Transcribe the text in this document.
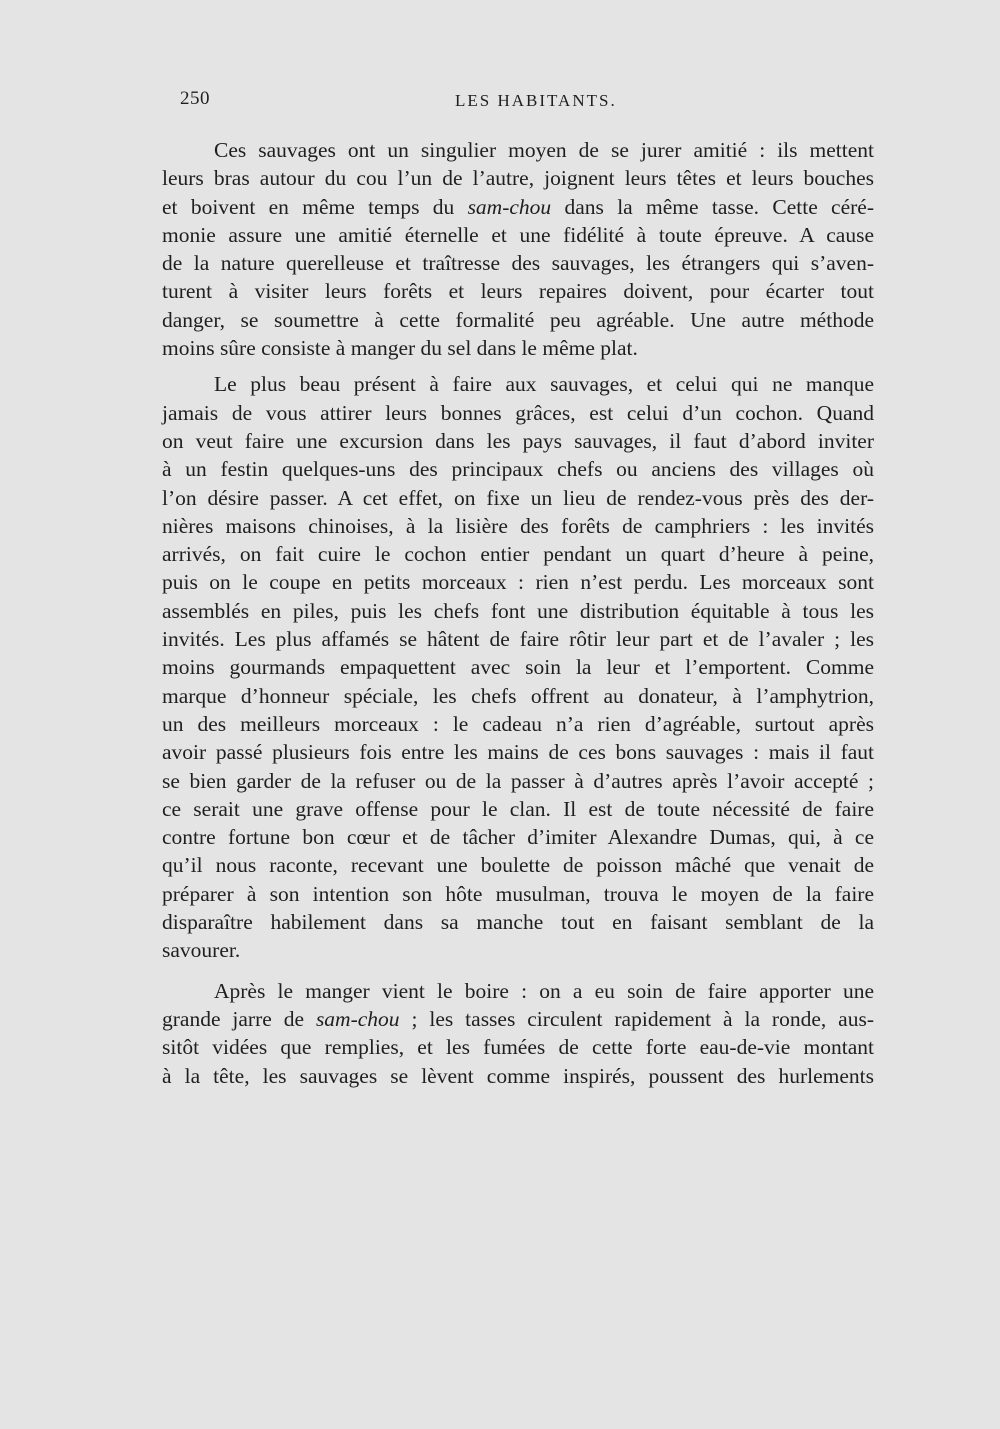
250	LES HABITANTS.
Ces sauvages ont un singulier moyen de se jurer amitié : ils mettent
leurs bras autour du cou l’un de l’autre, joignent leurs têtes et leurs bouches
et boivent en même temps du sam-chou dans la même tasse. Cette céré-
monie assure une amitié éternelle et une fidélité à toute épreuve. A cause
de la nature querelleuse et traîtresse des sauvages, les étrangers qui s’aven-
turent à visiter leurs forêts et leurs repaires doivent, pour écarter tout
danger, se soumettre à cette formalité peu agréable. Une autre méthode
moins sûre consiste à manger du sel dans le même plat.
Le plus beau présent à faire aux sauvages, et celui qui ne manque
jamais de vous attirer leurs bonnes grâces, est celui d’un cochon. Quand
on veut faire une excursion dans les pays sauvages, il faut d’abord inviter
à un festin quelques-uns des principaux chefs ou anciens des villages où
l’on désire passer. A cet effet, on fixe un lieu de rendez-vous près des der-
nières maisons chinoises, à la lisière des forêts de camphriers : les invités
arrivés, on fait cuire le cochon entier pendant un quart d’heure à peine,
puis on le coupe en petits morceaux : rien n’est perdu. Les morceaux sont
assemblés en piles, puis les chefs font une distribution équitable à tous les
invités. Les plus affamés se hâtent de faire rôtir leur part et de l’avaler ; les
moins gourmands empaquettent avec soin la leur et l’emportent. Comme
marque d’honneur spéciale, les chefs offrent au donateur, à l’amphytrion,
un des meilleurs morceaux : le cadeau n’a rien d’agréable, surtout après
avoir passé plusieurs fois entre les mains de ces bons sauvages : mais il faut
se bien garder de la refuser ou de la passer à d’autres après l’avoir accepté ;
ce serait une grave offense pour le clan. Il est de toute nécessité de faire
contre fortune bon cœur et de tâcher d’imiter Alexandre Dumas, qui, à ce
qu’il nous raconte, recevant une boulette de poisson mâché que venait de
préparer à son intention son hôte musulman, trouva le moyen de la faire
disparaître habilement dans sa manche tout en faisant semblant de la
savourer.
Après le manger vient le boire : on a eu soin de faire apporter une
grande jarre de sam-chou ; les tasses circulent rapidement à la ronde, aus-
sitôt vidées que remplies, et les fumées de cette forte eau-de-vie montant
à la tête, les sauvages se lèvent comme inspirés, poussent des hurlements
